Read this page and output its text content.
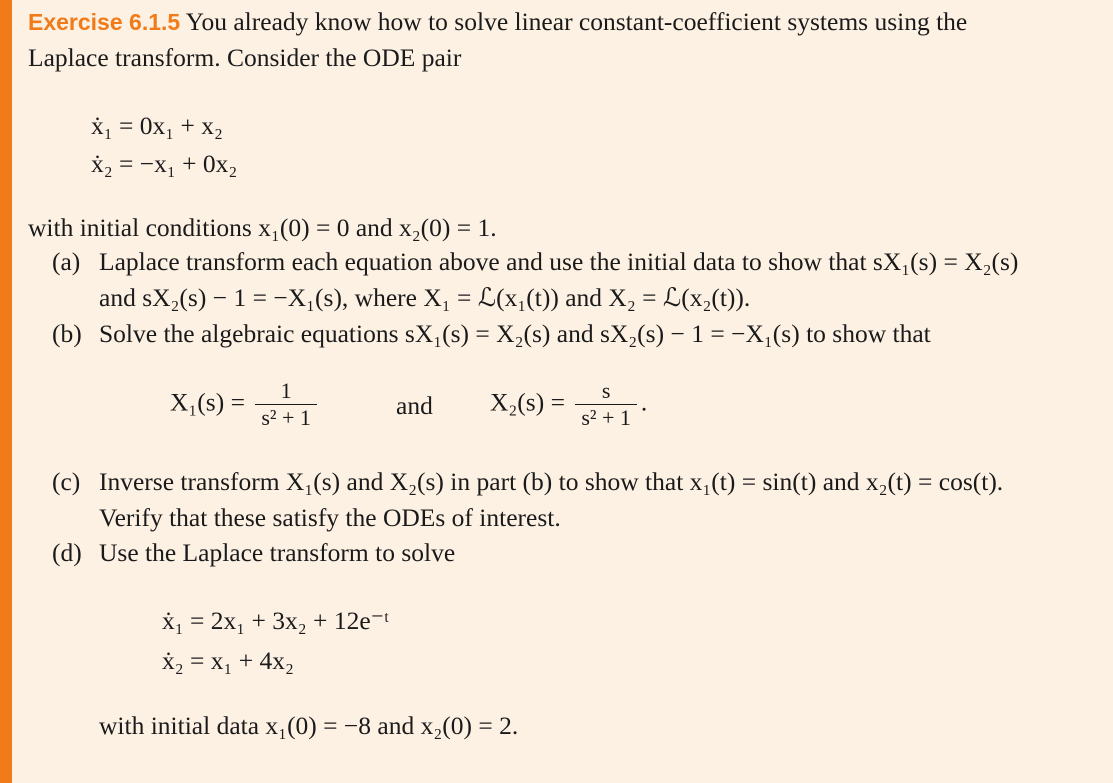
Exercise 6.1.5 You already know how to solve linear constant-coefficient systems using the
Laplace transform. Consider the ODE pair
ẋ₁ = 0x₁ + x₂
ẋ₂ = −x₁ + 0x₂
with initial conditions x₁(0) = 0 and x₂(0) = 1.
(a) Laplace transform each equation above and use the initial data to show that sX₁(s) = X₂(s)
and sX₂(s) − 1 = −X₁(s), where X₁ = ℒ(x₁(t)) and X₂ = ℒ(x₂(t)).
(b) Solve the algebraic equations sX₁(s) = X₂(s) and sX₂(s) − 1 = −X₁(s) to show that
$X_1(s) = \frac{1}{\text{s² + 1}}$	and $X_2(s) = \frac{s}{\text{s² + 1}}$ .
(c) Inverse transform X₁(s) and X₂(s) in part (b) to show that x₁(t) = sin(t) and x₂(t) = cos(t).
Verify that these satisfy the ODEs of interest.
(d) Use the Laplace transform to solve
ẋ₁ = 2x₁ + 3x₂ + 12e⁻ᵗ
ẋ₂ = x₁ + 4x₂
with initial data x₁(0) = −8 and x₂(0) = 2.
